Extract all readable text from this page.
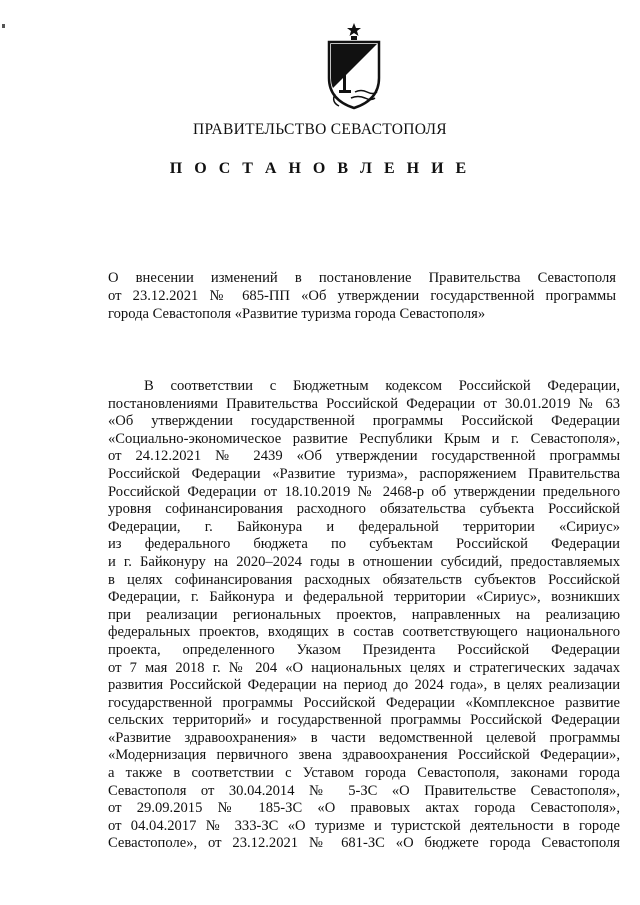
ПРАВИТЕЛЬСТВО СЕВАСТОПОЛЯ
П О С Т А Н О В Л Е Н И Е
О внесении изменений в постановление Правительства Севастополя
от 23.12.2021 № 685-ПП «Об утверждении государственной программы
города Севастополя «Развитие туризма города Севастополя»
В соответствии с Бюджетным кодексом Российской Федерации,
постановлениями Правительства Российской Федерации от 30.01.2019 № 63
«Об утверждении государственной программы Российской Федерации
«Социально-экономическое развитие Республики Крым и г. Севастополя»,
от 24.12.2021 № 2439 «Об утверждении государственной программы
Российской Федерации «Развитие туризма», распоряжением Правительства
Российской Федерации от 18.10.2019 № 2468-р об утверждении предельного
уровня софинансирования расходного обязательства субъекта Российской
Федерации, г. Байконура и федеральной территории «Сириус»
из федерального бюджета по субъектам Российской Федерации
и г. Байконуру на 2020–2024 годы в отношении субсидий, предоставляемых
в целях софинансирования расходных обязательств субъектов Российской
Федерации, г. Байконура и федеральной территории «Сириус», возникших
при реализации региональных проектов, направленных на реализацию
федеральных проектов, входящих в состав соответствующего национального
проекта, определенного Указом Президента Российской Федерации
от 7 мая 2018 г. № 204 «О национальных целях и стратегических задачах
развития Российской Федерации на период до 2024 года», в целях реализации
государственной программы Российской Федерации «Комплексное развитие
сельских территорий» и государственной программы Российской Федерации
«Развитие здравоохранения» в части ведомственной целевой программы
«Модернизация первичного звена здравоохранения Российской Федерации»,
а также в соответствии с Уставом города Севастополя, законами города
Севастополя от 30.04.2014 № 5-ЗС «О Правительстве Севастополя»,
от 29.09.2015 № 185-ЗС «О правовых актах города Севастополя»,
от 04.04.2017 № 333-ЗС «О туризме и туристской деятельности в городе
Севастополе», от 23.12.2021 № 681-ЗС «О бюджете города Севастополя
